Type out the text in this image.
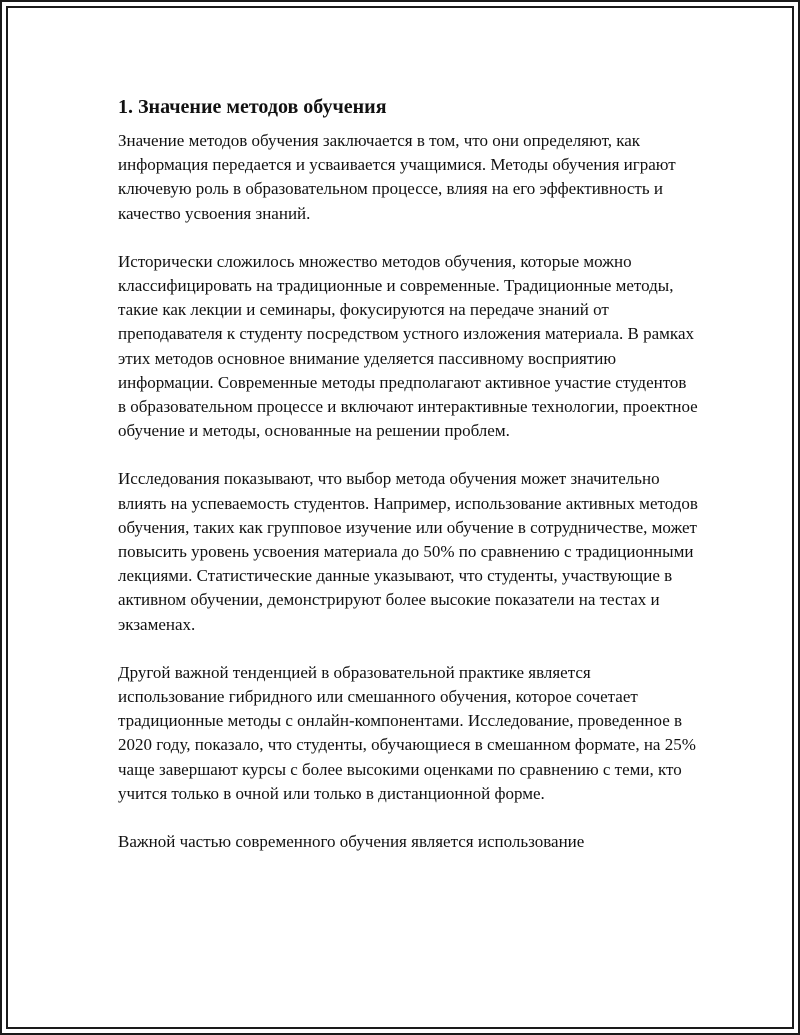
1. Значение методов обучения

Значение методов обучения заключается в том, что они определяют, как информация передается и усваивается учащимися. Методы обучения играют ключевую роль в образовательном процессе, влияя на его эффективность и качество усвоения знаний.

Исторически сложилось множество методов обучения, которые можно классифицировать на традиционные и современные. Традиционные методы, такие как лекции и семинары, фокусируются на передаче знаний от преподавателя к студенту посредством устного изложения материала. В рамках этих методов основное внимание уделяется пассивному восприятию информации. Современные методы предполагают активное участие студентов в образовательном процессе и включают интерактивные технологии, проектное обучение и методы, основанные на решении проблем.

Исследования показывают, что выбор метода обучения может значительно влиять на успеваемость студентов. Например, использование активных методов обучения, таких как групповое изучение или обучение в сотрудничестве, может повысить уровень усвоения материала до 50% по сравнению с традиционными лекциями. Статистические данные указывают, что студенты, участвующие в активном обучении, демонстрируют более высокие показатели на тестах и экзаменах.

Другой важной тенденцией в образовательной практике является использование гибридного или смешанного обучения, которое сочетает традиционные методы с онлайн-компонентами. Исследование, проведенное в 2020 году, показало, что студенты, обучающиеся в смешанном формате, на 25% чаще завершают курсы с более высокими оценками по сравнению с теми, кто учится только в очной или только в дистанционной форме.

Важной частью современного обучения является использование
